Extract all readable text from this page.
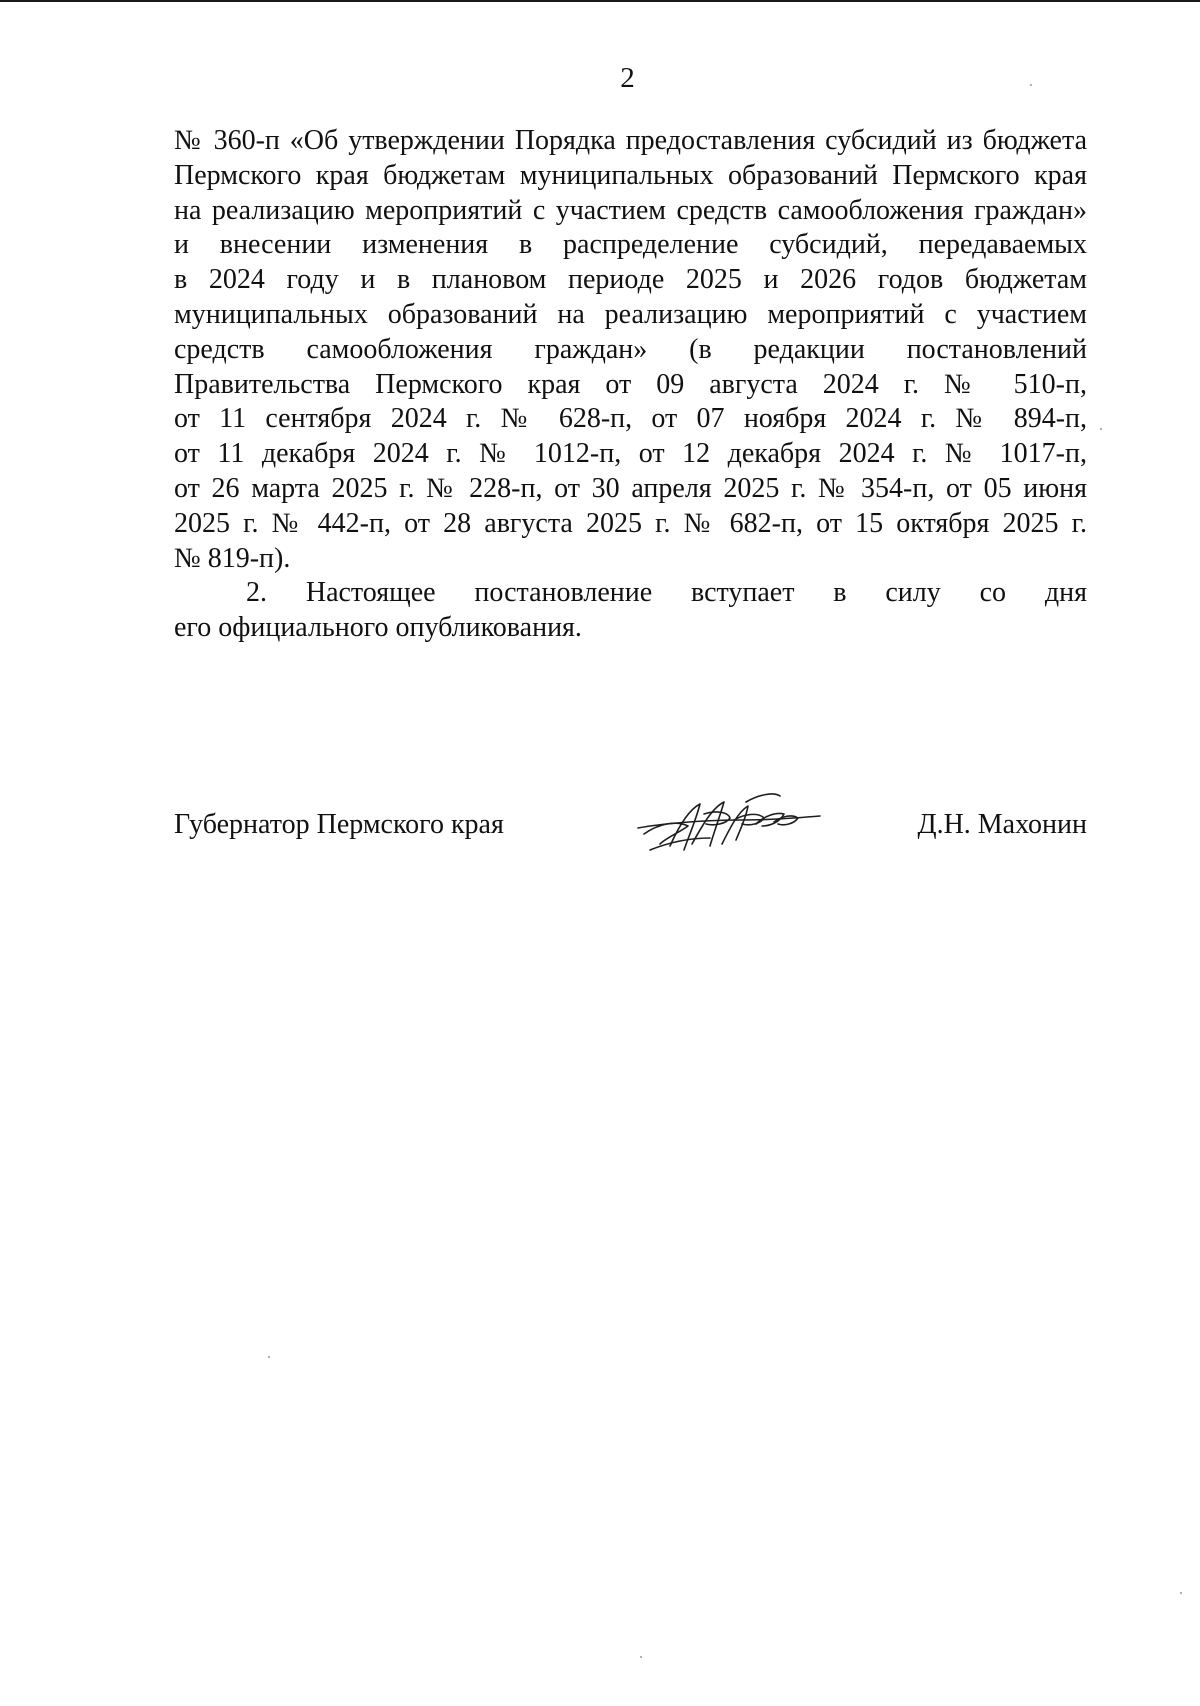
2
№ 360-п «Об утверждении Порядка предоставления субсидий из бюджета
Пермского края бюджетам муниципальных образований Пермского края
на реализацию мероприятий с участием средств самообложения граждан»
и внесении изменения в распределение субсидий, передаваемых
в 2024 году и в плановом периоде 2025 и 2026 годов бюджетам
муниципальных образований на реализацию мероприятий с участием
средств самообложения граждан» (в редакции постановлений
Правительства Пермского края от 09 августа 2024 г. № 510-п,
от 11 сентября 2024 г. № 628-п, от 07 ноября 2024 г. № 894-п,
от 11 декабря 2024 г. № 1012-п, от 12 декабря 2024 г. № 1017-п,
от 26 марта 2025 г. № 228-п, от 30 апреля 2025 г. № 354-п, от 05 июня
2025 г. № 442-п, от 28 августа 2025 г. № 682-п, от 15 октября 2025 г.
№ 819-п).
2. Настоящее постановление вступает в силу со дня
его официального опубликования.
Губернатор Пермского края	Д.Н. Махонин
